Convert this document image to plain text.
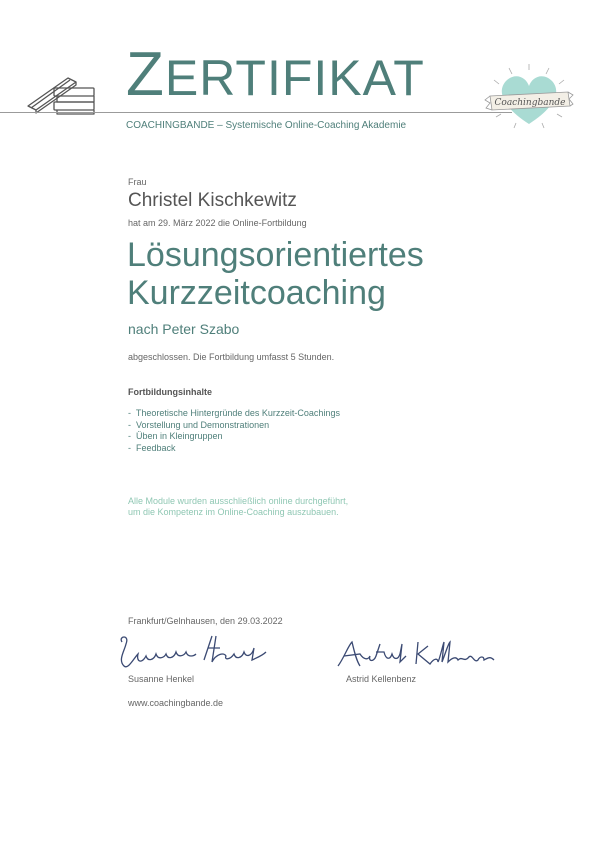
ZERTIFIKAT
COACHINGBANDE – Systemische Online-Coaching Akademie
Coachingbande
Frau
Christel Kischkewitz
hat am 29. März 2022 die Online-Fortbildung
Lösungsorientiertes
Kurzzeitcoaching
nach Peter Szabo
abgeschlossen. Die Fortbildung umfasst 5 Stunden.
Fortbildungsinhalte
- Theoretische Hintergründe des Kurzzeit-Coachings
- Vorstellung und Demonstrationen
- Üben in Kleingruppen
- Feedback
Alle Module wurden ausschließlich online durchgeführt,
um die Kompetenz im Online-Coaching auszubauen.
Frankfurt/Gelnhausen, den 29.03.2022
Susanne Henkel	Astrid Kellenbenz
www.coachingbande.de
